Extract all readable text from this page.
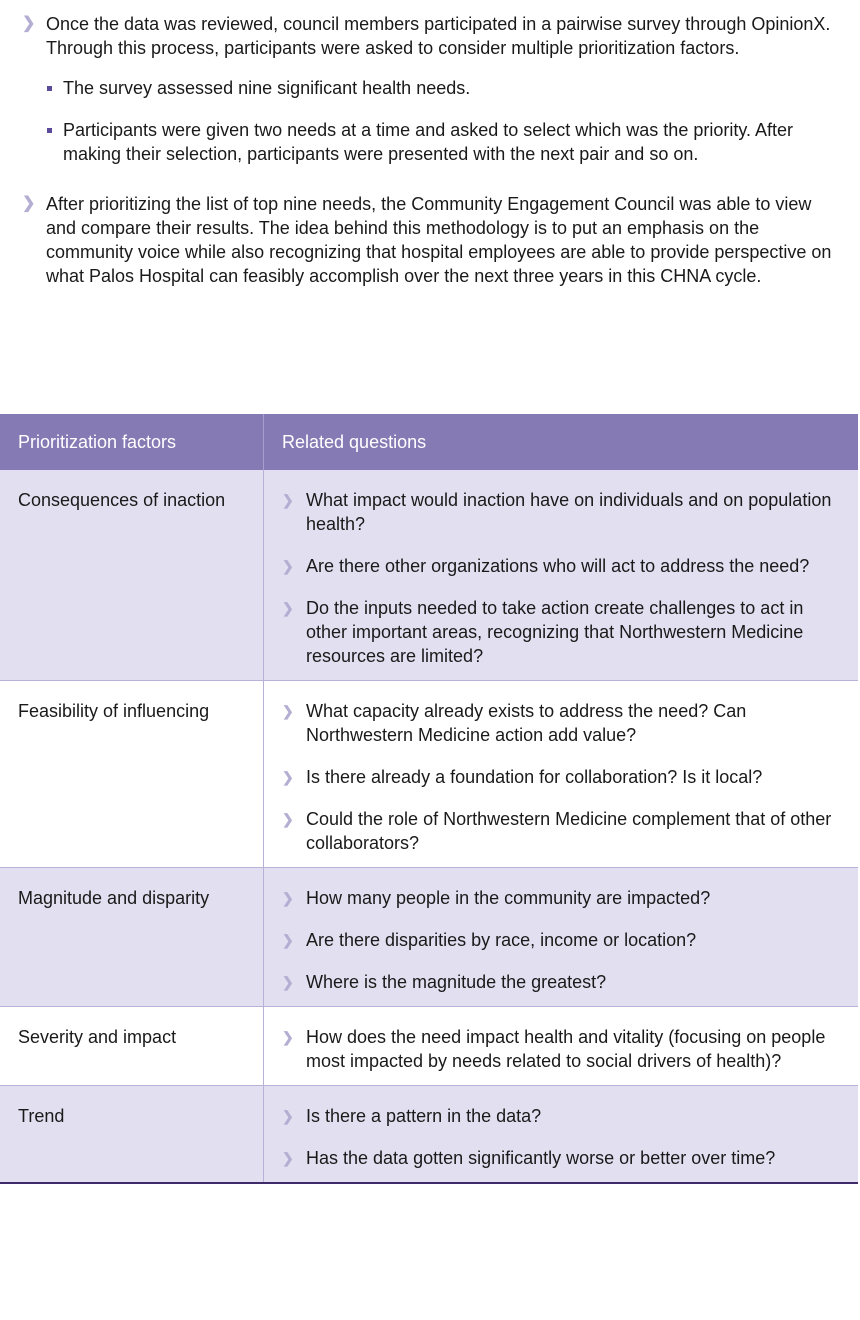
❯ Once the data was reviewed, council members participated in a pairwise survey through OpinionX. Through this process, participants were asked to consider multiple prioritization factors.
The survey assessed nine significant health needs.
Participants were given two needs at a time and asked to select which was the priority. After making their selection, participants were presented with the next pair and so on.
❯ After prioritizing the list of top nine needs, the Community Engagement Council was able to view and compare their results. The idea behind this methodology is to put an emphasis on the community voice while also recognizing that hospital employees are able to provide perspective on what Palos Hospital can feasibly accomplish over the next three years in this CHNA cycle.
Prioritization factors	Related questions
Consequences of inaction	❯ What impact would inaction have on individuals and on population health?
❯ Are there other organizations who will act to address the need?
❯ Do the inputs needed to take action create challenges to act in other important areas, recognizing that Northwestern Medicine resources are limited?

Feasibility of influencing	❯ What capacity already exists to address the need? Can Northwestern Medicine action add value?
❯ Is there already a foundation for collaboration? Is it local?
❯ Could the role of Northwestern Medicine complement that of other collaborators?

Magnitude and disparity	❯ How many people in the community are impacted?
❯ Are there disparities by race, income or location?
❯ Where is the magnitude the greatest?

Severity and impact	❯ How does the need impact health and vitality (focusing on people most impacted by needs related to social drivers of health)?

Trend	❯ Is there a pattern in the data?
❯ Has the data gotten significantly worse or better over time?
